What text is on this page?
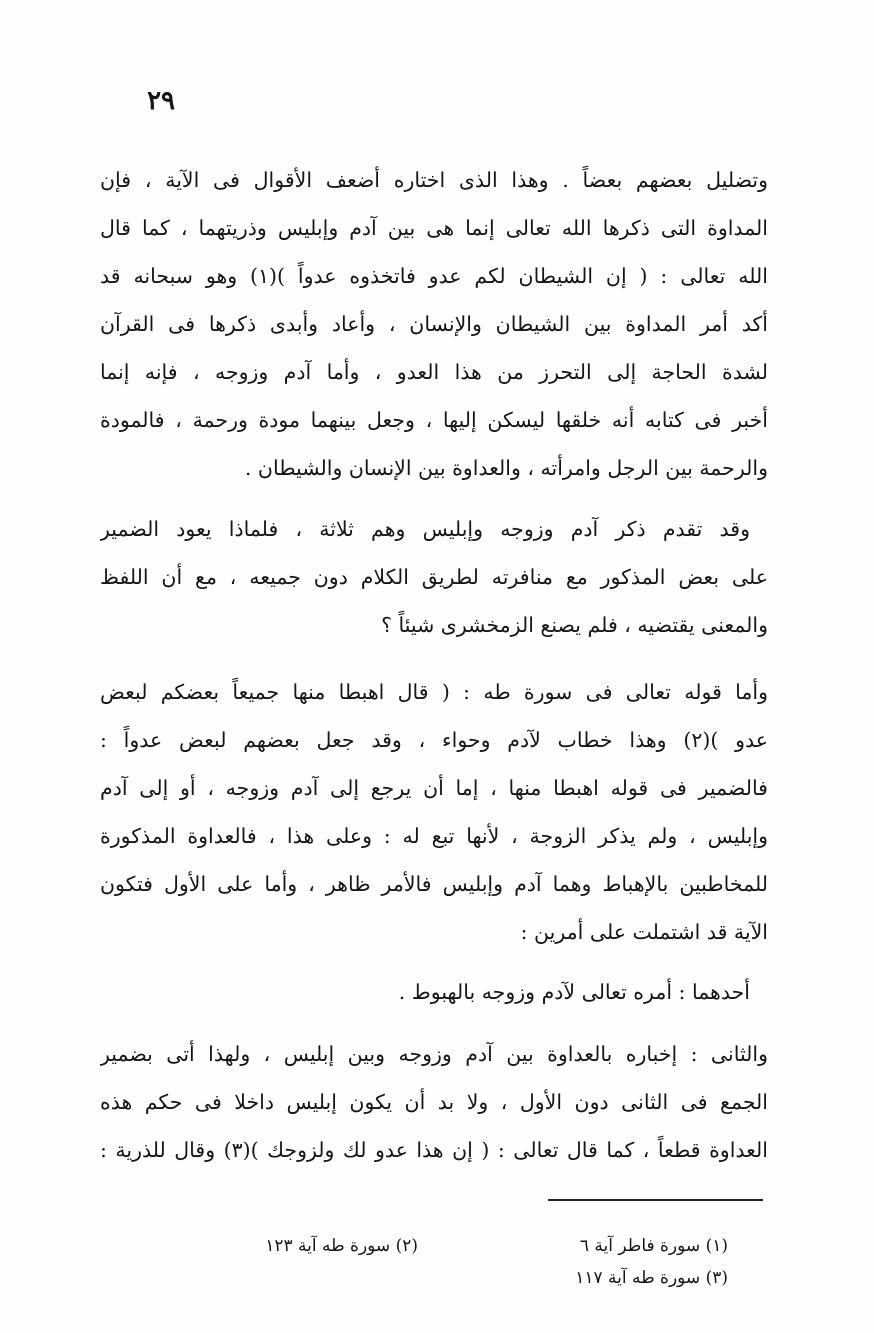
٢٩
وتضليل بعضهم بعضاً . وهذا الذى اختاره أضعف الأقوال فى الآية ، فإن
المداوة التى ذكرها الله تعالى إنما هى بين آدم وإبليس وذريتهما ، كما قال
الله تعالى : ( إن الشيطان لكم عدو فاتخذوه عدواً )(١) وهو سبحانه قد
أكد أمر المداوة بين الشيطان والإنسان ، وأعاد وأبدى ذكرها فى القرآن
لشدة الحاجة إلى التحرز من هذا العدو ، وأما آدم وزوجه ، فإنه إنما
أخبر فى كتابه أنه خلقها ليسكن إليها ، وجعل بينهما مودة ورحمة ، فالمودة
والرحمة بين الرجل وامرأته ، والعداوة بين الإنسان والشيطان .
وقد تقدم ذكر آدم وزوجه وإبليس وهم ثلاثة ، فلماذا يعود الضمير
على بعض المذكور مع منافرته لطريق الكلام دون جميعه ، مع أن اللفظ
والمعنى يقتضيه ، فلم يصنع الزمخشرى شيئاً ؟
وأما قوله تعالى فى سورة طه : ( قال اهبطا منها جميعاً بعضكم لبعض
عدو )(٢) وهذا خطاب لآدم وحواء ، وقد جعل بعضهم لبعض عدواً :
فالضمير فى قوله اهبطا منها ، إما أن يرجع إلى آدم وزوجه ، أو إلى آدم
وإبليس ، ولم يذكر الزوجة ، لأنها تبع له : وعلى هذا ، فالعداوة المذكورة
للمخاطبين بالإهباط وهما آدم وإبليس فالأمر ظاهر ، وأما على الأول فتكون
الآية قد اشتملت على أمرين :
أحدهما : أمره تعالى لآدم وزوجه بالهبوط .
والثانى : إخباره بالعداوة بين آدم وزوجه وبين إبليس ، ولهذا أتى بضمير
الجمع فى الثانى دون الأول ، ولا بد أن يكون إبليس داخلا فى حكم هذه
العداوة قطعاً ، كما قال تعالى : ( إن هذا عدو لك ولزوجك )(٣) وقال للذرية :
(١) سورة فاطر آية ٦
(٢) سورة طه آية ١٢٣
(٣) سورة طه آية ١١٧
